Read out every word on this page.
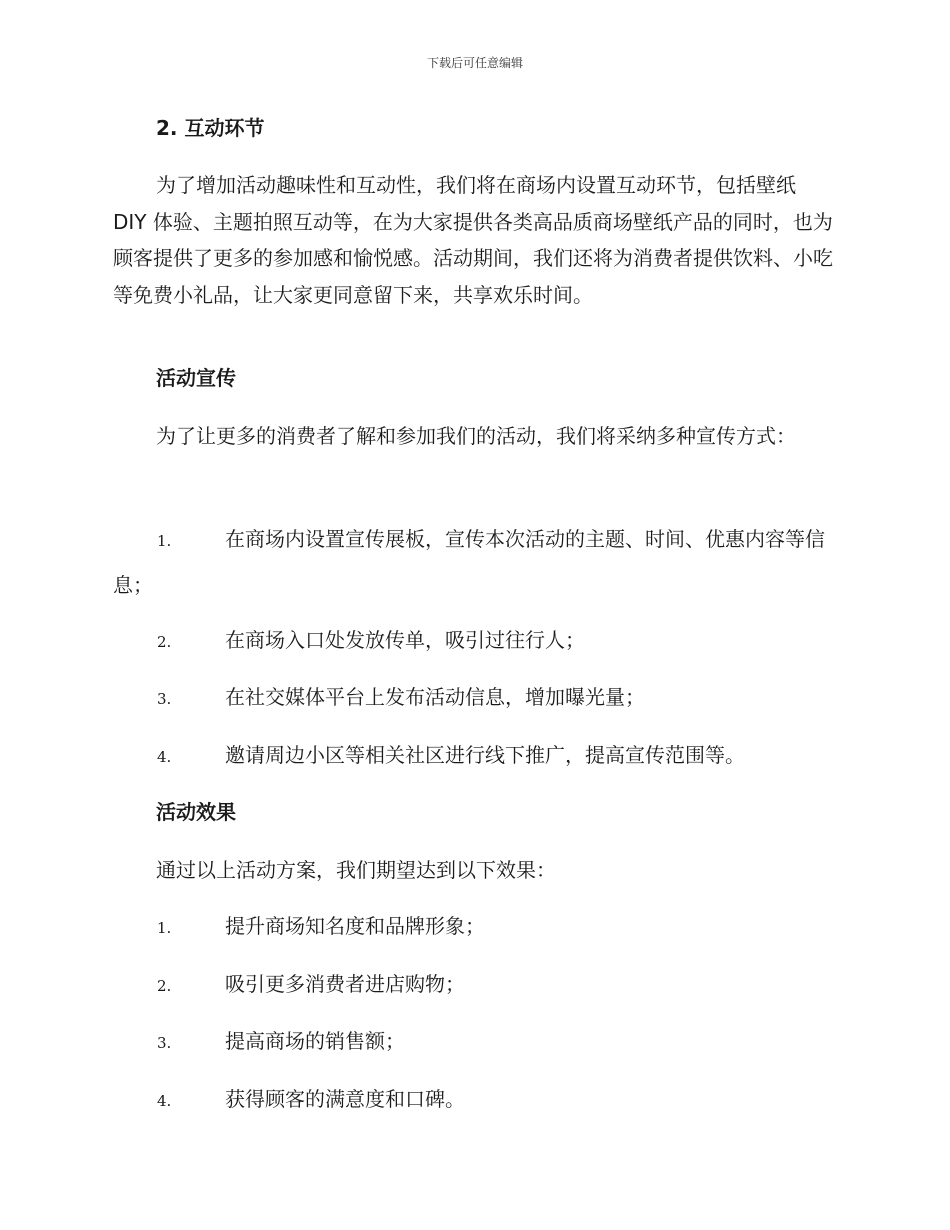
下载后可任意编辑
2. 互动环节

为了增加活动趣味性和互动性，我们将在商场内设置互动环节，包括壁纸 DIY 体验、主题拍照互动等，在为大家提供各类高品质商场壁纸产品的同时，也为顾客提供了更多的参加感和愉悦感。活动期间，我们还将为消费者提供饮料、小吃等免费小礼品，让大家更同意留下来，共享欢乐时间。

活动宣传

为了让更多的消费者了解和参加我们的活动，我们将采纳多种宣传方式：

1.	在商场内设置宣传展板，宣传本次活动的主题、时间、优惠内容等信息；
2.	在商场入口处发放传单，吸引过往行人；
3.	在社交媒体平台上发布活动信息，增加曝光量；
4.	邀请周边小区等相关社区进行线下推广，提高宣传范围等。
活动效果
通过以上活动方案，我们期望达到以下效果：
1.	提升商场知名度和品牌形象；
2.	吸引更多消费者进店购物；
3.	提高商场的销售额；
4.	获得顾客的满意度和口碑。
